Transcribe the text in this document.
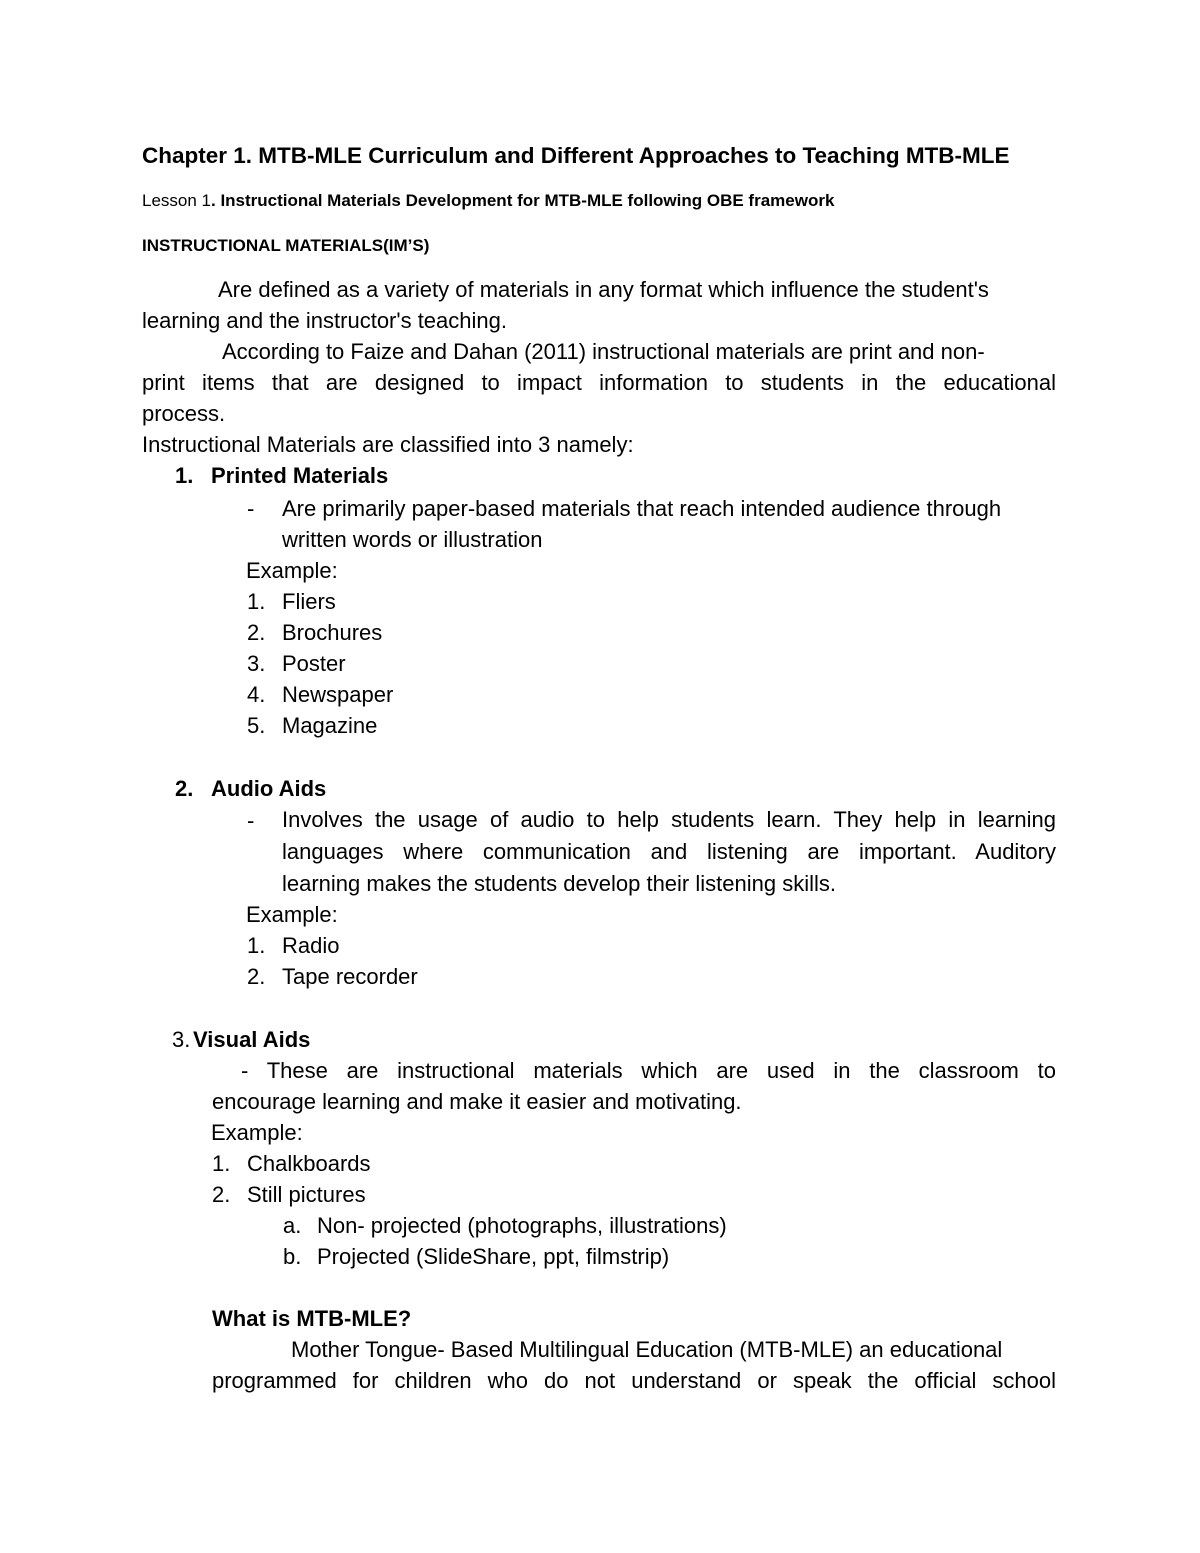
Chapter 1. MTB-MLE Curriculum and Different Approaches to Teaching MTB-MLE
Lesson 1. Instructional Materials Development for MTB-MLE following OBE framework
INSTRUCTIONAL MATERIALS(IM’S)
Are defined as a variety of materials in any format which influence the student's
learning and the instructor's teaching.
According to Faize and Dahan (2011) instructional materials are print and non-
print items that are designed to impact information to students in the educational
process.
Instructional Materials are classified into 3 namely:
1. Printed Materials
- Are primarily paper-based materials that reach intended audience through
written words or illustration
Example:
1. Fliers
2. Brochures
3. Poster
4. Newspaper
5. Magazine
2. Audio Aids
- Involves the usage of audio to help students learn. They help in learning
languages where communication and listening are important. Auditory
learning makes the students develop their listening skills.
Example:
1. Radio
2. Tape recorder
3. Visual Aids
- These are instructional materials which are used in the classroom to
encourage learning and make it easier and motivating.
Example:
1. Chalkboards
2. Still pictures
a. Non- projected (photographs, illustrations)
b. Projected (SlideShare, ppt, filmstrip)
What is MTB-MLE?
Mother Tongue- Based Multilingual Education (MTB-MLE) an educational
programmed for children who do not understand or speak the official school
